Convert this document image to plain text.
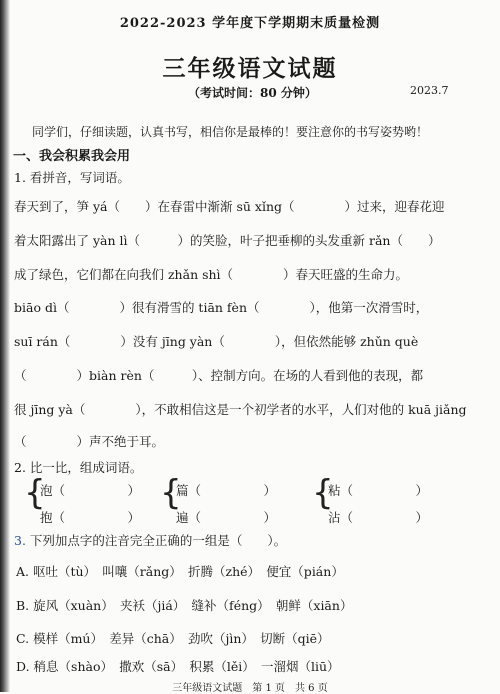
2022-2023 学年度下学期期末质量检测
三年级语文试题
（考试时间：80 分钟）	2023.7
同学们，仔细读题，认真书写，相信你是最棒的！要注意你的书写姿势哟！
一、我会积累我会用
1. 看拼音，写词语。
春天到了，笋 yá（　　）在春雷中渐渐 sū xǐng（　　　　）过来，迎春花迎
着太阳露出了 yàn lì（　　　）的笑脸，叶子把垂柳的头发重新 rǎn（　　）
成了绿色，它们都在向我们 zhǎn shì（　　　　）春天旺盛的生命力。
biāo dì（　　　　）很有滑雪的 tiān fèn（　　　　），他第一次滑雪时，
suī rán（　　　　）没有 jīng yàn（　　　　），但依然能够 zhǔn què
（　　　　）biàn rèn（　　　）、控制方向。在场的人看到他的表现，都
很 jīng yà（　　　　），不敢相信这是一个初学者的水平，人们对他的 kuā jiǎng
（　　　　）声不绝于耳。
2. 比一比，组成词语。
{
泡（　　　　　）
抱（　　　　　）
{
篇（　　　　　）
遍（　　　　　）
{
粘（　　　　　）
沾（　　　　　）
3. 下列加点字的注音完全正确的一组是（　　）。
A. 呕吐（tù）　叫嚷（rǎng）　折腾（zhé）　便宜（pián）
B. 旋风（xuàn）　夹袄（jiá）　缝补（féng）　朝鲜（xiān）
C. 模样（mú）　差异（chā）　劲吹（jìn）　切断（qiē）
D. 稍息（shào）　撒欢（sā）　积累（lěi）　一溜烟（liū）
三年级语文试题　第 1 页　共 6 页
